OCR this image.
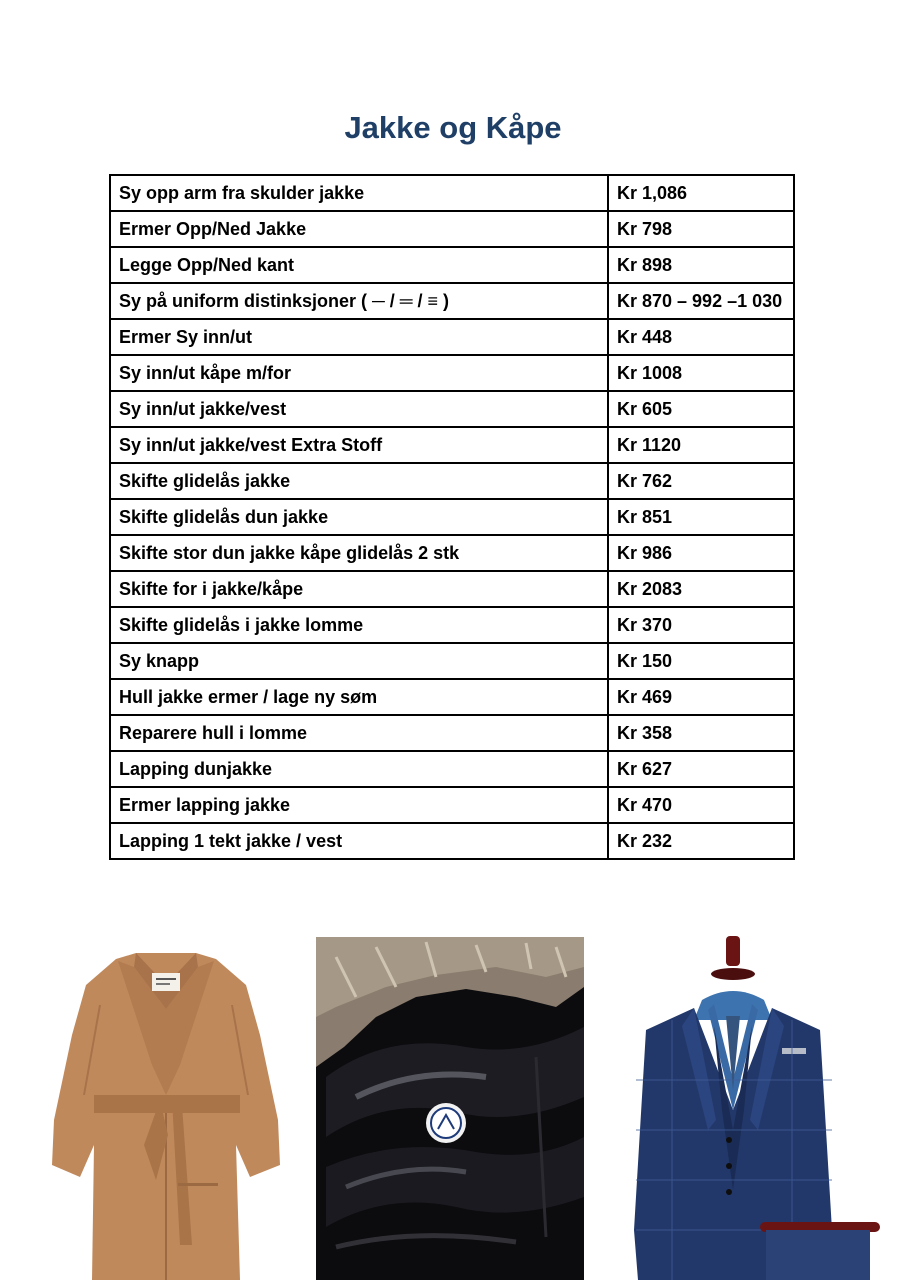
Jakke og Kåpe
Sy opp arm fra skulder jakke	Kr 1,086
Ermer Opp/Ned Jakke	Kr 798
Legge Opp/Ned kant	Kr 898
Sy på uniform distinksjoner ( ─ / ═ / ≡ )	Kr 870 – 992 –1 030
Ermer Sy inn/ut	Kr 448
Sy inn/ut kåpe m/for	Kr 1008
Sy inn/ut jakke/vest	Kr 605
Sy inn/ut jakke/vest Extra Stoff	Kr 1120
Skifte glidelås jakke	Kr 762
Skifte glidelås dun jakke	Kr 851
Skifte stor dun jakke kåpe glidelås 2 stk	Kr 986
Skifte for i jakke/kåpe	Kr 2083
Skifte glidelås i jakke lomme	Kr 370
Sy knapp	Kr 150
Hull jakke ermer / lage ny søm	Kr 469
Reparere hull i lomme	Kr 358
Lapping dunjakke	Kr 627
Ermer lapping jakke	Kr 470
Lapping 1 tekt jakke / vest	Kr 232
